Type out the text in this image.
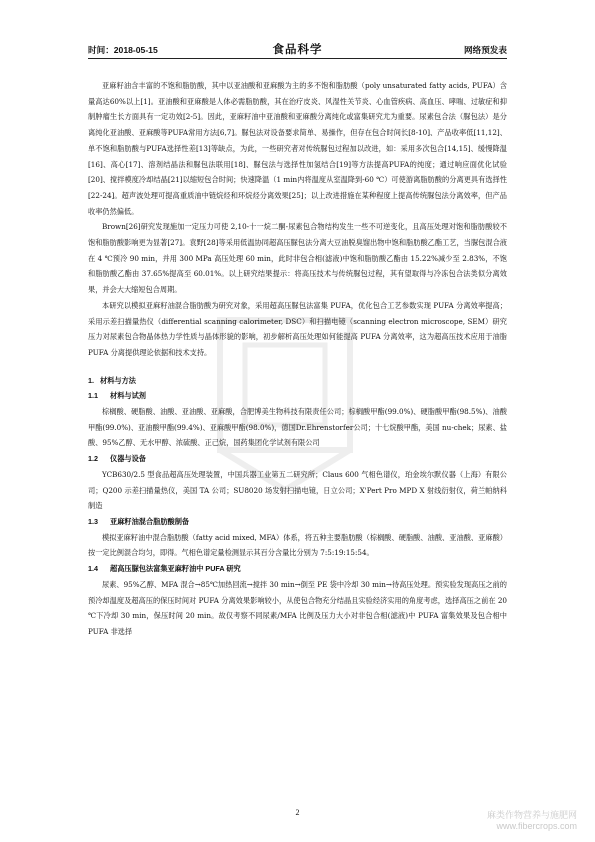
时间：2018-05-15	食品科学	网络预发表

亚麻籽油含丰富的不饱和脂肪酸，其中以亚油酸和亚麻酸为主的多不饱和脂肪酸（poly unsaturated fatty acids, PUFA）含量高达60%以上[1]。亚油酸和亚麻酸是人体必需脂肪酸，其在治疗皮炎、风湿性关节炎、心血管疾病、高血压、哮喘、过敏症和抑制肿瘤生长方面具有一定功效[2-5]。因此，亚麻籽油中亚油酸和亚麻酸分离纯化或富集研究尤为重要。尿素包合法（脲包法）是分离纯化亚油酸、亚麻酸等PUFA常用方法[6,7]。脲包法对设备要求简单、易操作，但存在包合时间长[8-10]、产品收率低[11,12]、单不饱和脂肪酸与PUFA选择性差[13]等缺点，为此，一些研究者对传统脲包过程加以改进，如：采用多次包合[14,15]、缓慢降温[16]、高心[17]、溶剂结晶法和脲包法联用[18]、脲包法与选择性加氢结合[19]等方法提高PUFA的纯度；通过响应面优化试验[20]、搅拌模度冷却结晶[21]以缩短包合时间；快速降温（1 min内将温度从室温降到-60 ℃）可使游离脂肪酸的分离更具有选择性[22-24]。超声波处理可提高重质油中链烷烃和环烷烃分离效果[25]；以上改进措施在某种程度上提高传统脲包法分离效率，但产品收率仍然偏低。

Brown[26]研究发现施加一定压力可使 2,10-十一烷二酮-尿素包合物结构发生一些不可逆变化，且高压处理对饱和脂肪酸较不饱和脂肪酸影响更为显著[27]。袁野[28]等采用低温协同超高压脲包法分离大豆油脱臭馏出物中饱和脂肪酸乙酯工艺，当脲包混合液在 4 ℃预冷 90 min，并用 300 MPa 高压处理 60 min，此时非包合相(滤液)中饱和脂肪酸乙酯由 15.22%减少至 2.83%，不饱和脂肪酸乙酯由 37.65%提高至 60.01%。以上研究结果提示：将高压技术与传统脲包过程，其有望取得与冷冻包合法类似分离效果，并会大大缩短包合周期。

本研究以模拟亚麻籽油混合脂肪酸为研究对象，采用超高压脲包法富集 PUFA，优化包合工艺参数实现 PUFA 分离效率提高；采用示差扫描量热仪（differential scanning calorimeter, DSC）和扫描电镜（scanning electron microscope, SEM）研究压力对尿素包合物晶体热力学性质与晶体形貌的影响，初步解析高压处理如何能提高 PUFA 分离效率，这为超高压技术应用于油脂 PUFA 分离提供理论依据和技术支持。

1. 材料与方法
1.1 材料与试剂

棕榈酸、硬脂酸、油酸、亚油酸、亚麻酸，合肥博美生物科技有限责任公司；棕榈酸甲酯(99.0%)、硬脂酸甲酯(98.5%)、油酸甲酯(99.0%)、亚油酸甲酯(99.4%)、亚麻酸甲酯(98.0%)，德国Dr.Ehrenstorfer公司；十七烷酸甲酯，美国 nu-chek；尿素、盐酸、95%乙醇、无水甲醇、浓硫酸、正己烷，国药集团化学试剂有限公司

1.2 仪器与设备

YCB630/2.5 型食品超高压处理装置，中国兵器工业第五二研究所；Claus 600 气相色谱仪，珀金埃尔默仪器（上海）有限公司；Q200 示差扫描量热仪，美国 TA 公司；SU8020 场发射扫描电镜，日立公司；X'Pert Pro MPD X 射线衍射仪，荷兰帕纳科制造

1.3 亚麻籽油混合脂肪酸制备

模拟亚麻籽油中混合脂肪酸（fatty acid mixed, MFA）体系，将五种主要脂肪酸（棕榈酸、硬脂酸、油酸、亚油酸、亚麻酸）按一定比例混合均匀，即得。气相色谱定量检测显示其百分含量比分别为 7:5:19:15:54。

1.4 超高压脲包法富集亚麻籽油中 PUFA 研究

尿素、95%乙醇、MFA 混合→85℃加热回流→搅拌 30 min→倒至 PE 袋中冷却 30 min→待高压处理。预实验发现高压之前的预冷却温度及超高压的保压时间对 PUFA 分离效果影响较小，从使包合物充分结晶且实验经济实用的角度考虑，选择高压之前在 20 ℃下冷却 30 min，保压时间 20 min。故仅考察不同尿素/MFA 比例及压力大小对非包合相(滤液)中 PUFA 富集效果及包合相中 PUFA 非选择

2	麻类作物营养与施肥网
www.fibercrops.com
